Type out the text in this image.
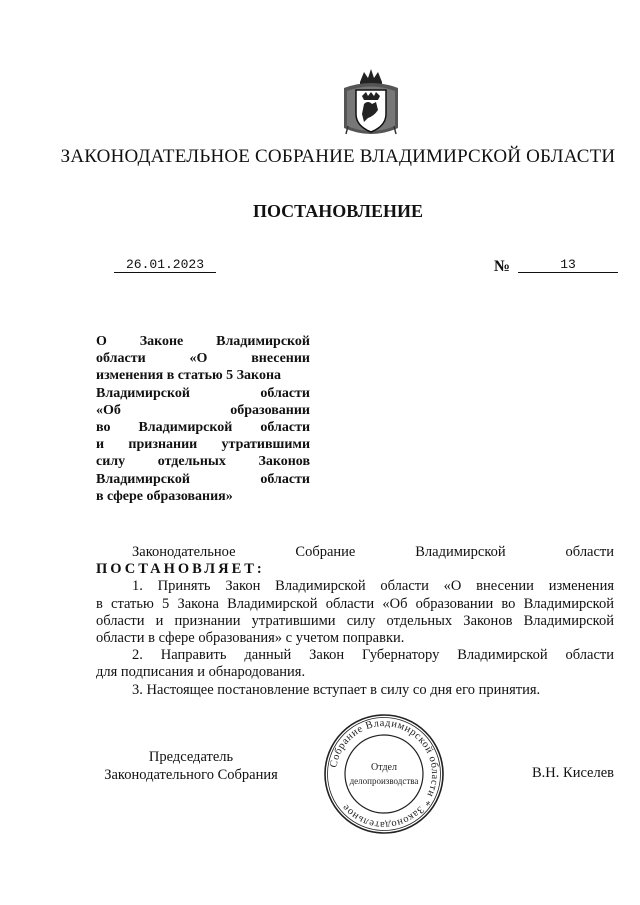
ЗАКОНОДАТЕЛЬНОЕ СОБРАНИЕ ВЛАДИМИРСКОЙ ОБЛАСТИ
ПОСТАНОВЛЕНИЕ
26.01.2023	№	13
О Законе Владимирской
области	«О	внесении
изменения в статью 5 Закона
Владимирской	области
«Об	образовании
во Владимирской области
и признании утратившими
силу отдельных Законов
Владимирской	области
в сфере образования»
Законодательное	Собрание	Владимирской	области
ПОСТАНОВЛЯЕТ:
1. Принять Закон Владимирской области «О внесении изменения
в статью 5 Закона Владимирской области «Об образовании во Владимирской
области и признании утратившими силу отдельных Законов Владимирской
области в сфере образования» с учетом поправки.
2. Направить данный Закон Губернатору Владимирской области
для подписания и обнародования.
3. Настоящее постановление вступает в силу со дня его принятия.
Председатель
Законодательного Собрания	В.Н. Киселев
Собрание Владимирской области * Законодательное
Отдел
делопроизводства
